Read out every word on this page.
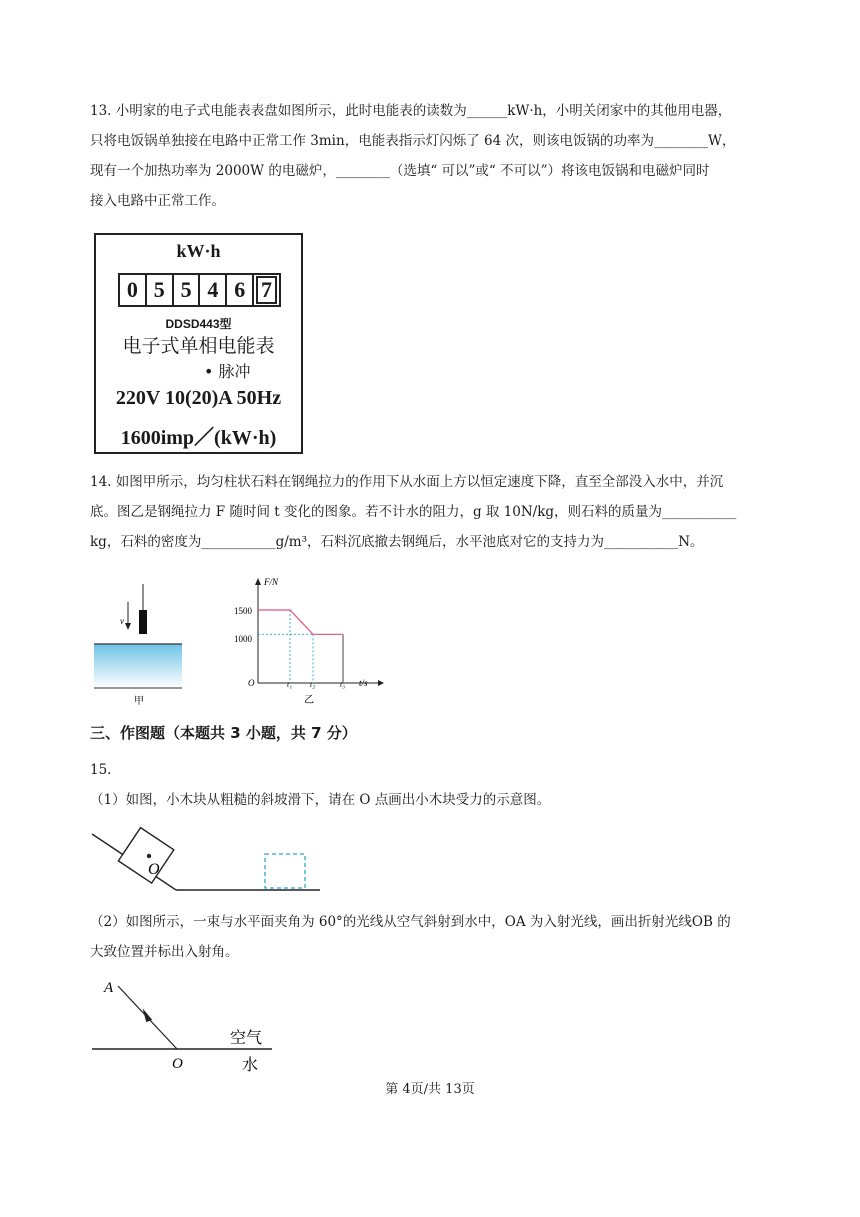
13. 小明家的电子式电能表表盘如图所示，此时电能表的读数为______kW·h，小明关闭家中的其他用电器，
只将电饭锅单独接在电路中正常工作 3min，电能表指示灯闪烁了 64 次，则该电饭锅的功率为________W，
现有一个加热功率为 2000W 的电磁炉，________（选填“ 可以”或“ 不可以”）将该电饭锅和电磁炉同时
接入电路中正常工作。
kW·h
0 5 5 4 6 7
DDSD443型
电子式单相电能表
• 脉冲
220V 10(20)A 50Hz
1600imp／(kW·h)
14. 如图甲所示，均匀柱状石料在钢绳拉力的作用下从水面上方以恒定速度下降，直至全部没入水中，并沉
底。图乙是钢绳拉力 F 随时间 t 变化的图象。若不计水的阻力，g 取 10N/kg，则石料的质量为___________
kg，石料的密度为___________g/m³，石料沉底撤去钢绳后，水平池底对它的支持力为___________N。
v
甲
F/N
t/s
O
1500
1000
t₁ t₂	t₃
乙
三、作图题（本题共 3 小题，共 7 分）
15.
（1）如图，小木块从粗糙的斜坡滑下，请在 O 点画出小木块受力的示意图。
O
（2）如图所示，一束与水平面夹角为 60°的光线从空气斜射到水中，OA 为入射光线，画出折射光线OB 的
大致位置并标出入射角。
A
O
空气
水
第 4页/共 13页
